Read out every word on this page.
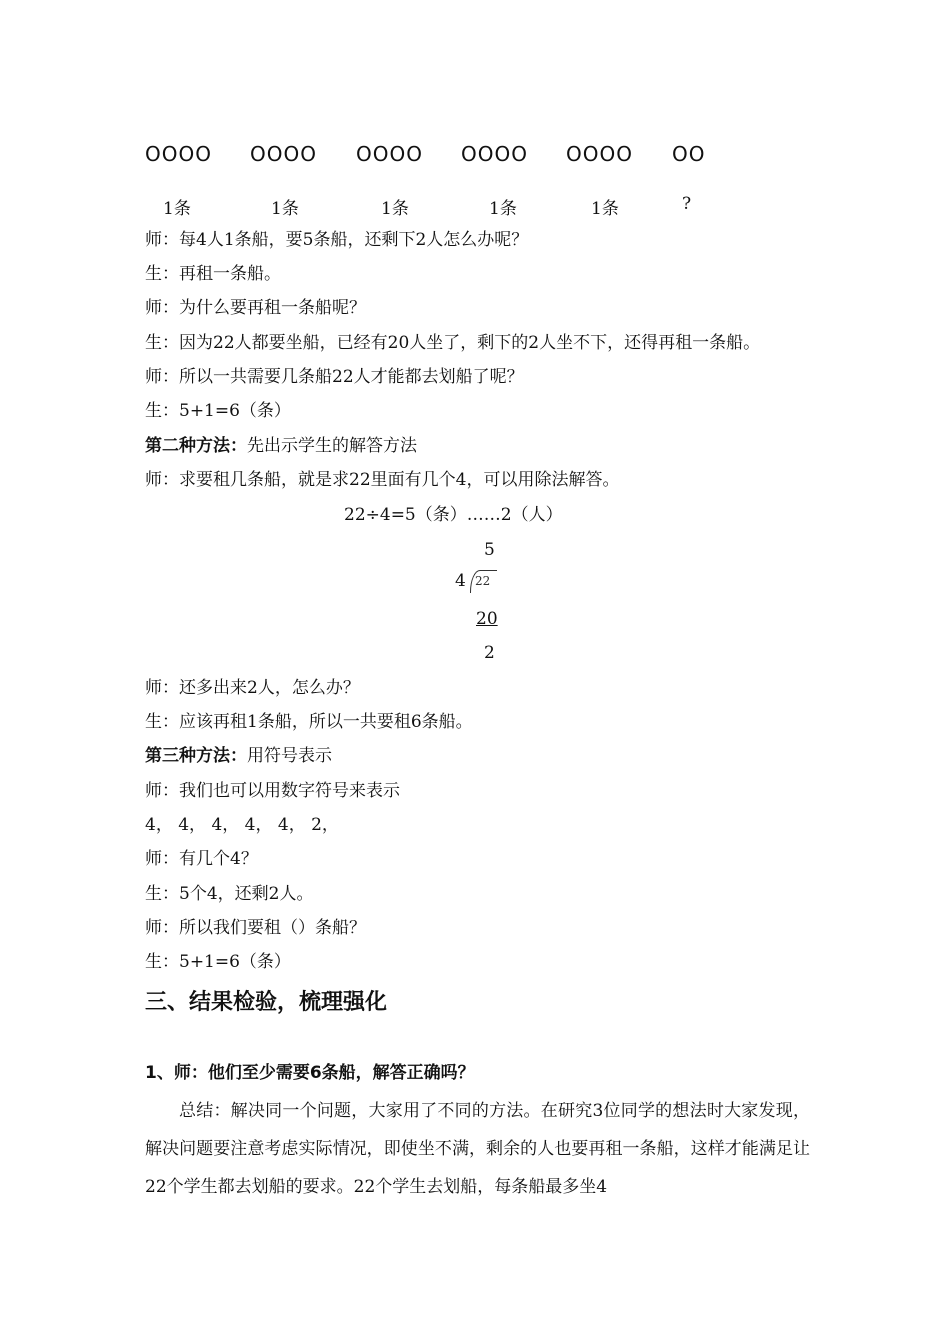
OOOO OOOO OOOO OOOO OOOO OO
1条	1条	1条	1条	1条	?
师：每4人1条船，要5条船，还剩下2人怎么办呢？
生：再租一条船。
师：为什么要再租一条船呢？
生：因为22人都要坐船，已经有20人坐了，剩下的2人坐不下，还得再租一条船。
师：所以一共需要几条船22人才能都去划船了呢？
生：5+1=6（条）
第二种方法：先出示学生的解答方法
师：求要租几条船，就是求22里面有几个4，可以用除法解答。
22÷4=5（条）……2（人）
5
4 22
20
2
师：还多出来2人，怎么办？
生：应该再租1条船，所以一共要租6条船。
第三种方法：用符号表示
师：我们也可以用数字符号来表示
4， 4， 4， 4， 4， 2，
师：有几个4？
生：5个4，还剩2人。
师：所以我们要租（）条船？
生：5+1=6（条）
三、结果检验，梳理强化
1、师：他们至少需要6条船，解答正确吗？
总结：解决同一个问题，大家用了不同的方法。在研究3位同学的想法时大家发现，解决问题要注意考虑实际情况，即使坐不满，剩余的人也要再租一条船，这样才能满足让22个学生都去划船的要求。22个学生去划船，每条船最多坐4
